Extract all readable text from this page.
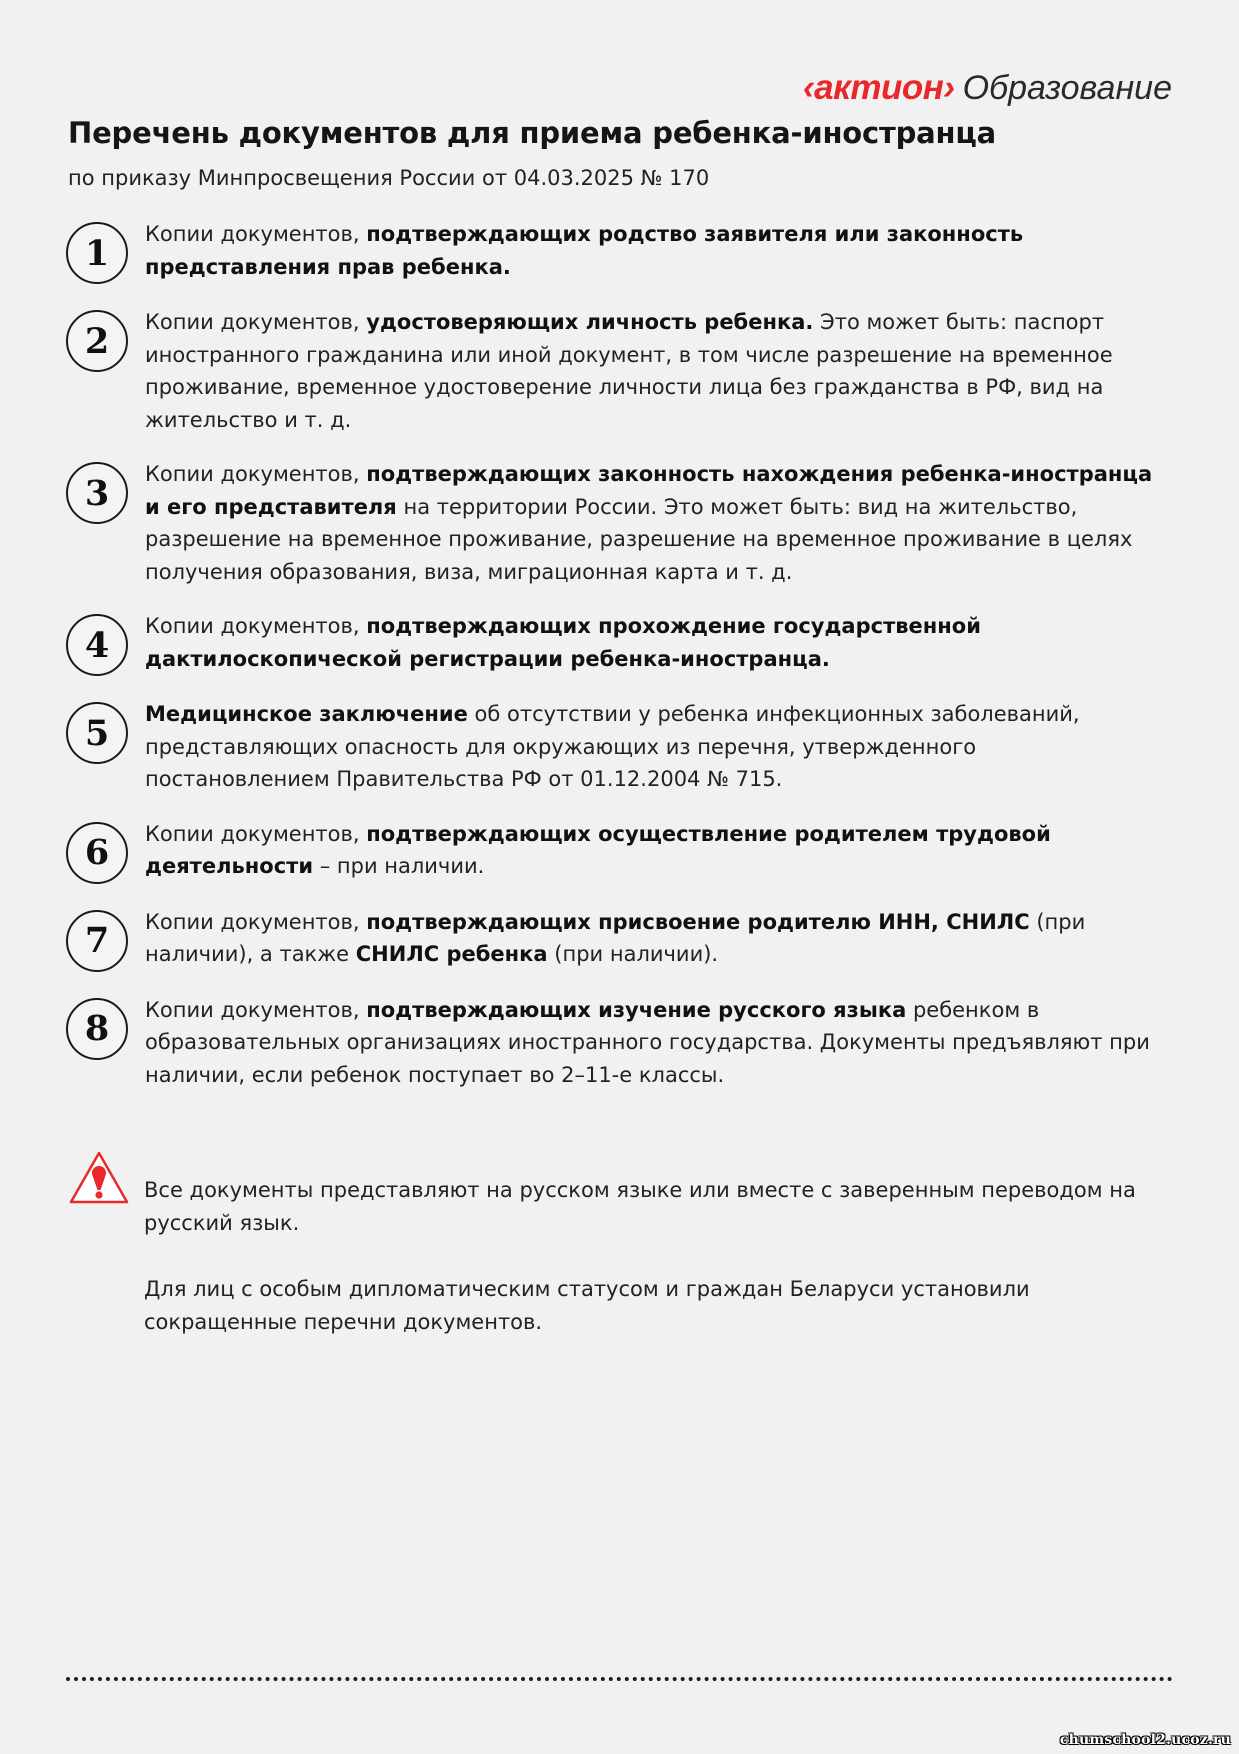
‹актион› Образование
Перечень документов для приема ребенка-иностранца

по приказу Минпросвещения России от 04.03.2025 № 170

1	Копии документов, подтверждающих родство заявителя или законность представления прав ребенка.
2	Копии документов, удостоверяющих личность ребенка. Это может быть: паспорт иностранного гражданина или иной документ, в том числе разрешение на временное проживание, временное удостоверение личности лица без гражданства в РФ, вид на жительство и т. д.
3	Копии документов, подтверждающих законность нахождения ребенка-иностранца и его представителя на территории России. Это может быть: вид на жительство, разрешение на временное проживание, разрешение на временное проживание в целях получения образования, виза, миграционная карта и т. д.
4	Копии документов, подтверждающих прохождение государственной дактилоскопической регистрации ребенка-иностранца.
5	Медицинское заключение об отсутствии у ребенка инфекционных заболеваний, представляющих опасность для окружающих из перечня, утвержденного постановлением Правительства РФ от 01.12.2004 № 715.
6	Копии документов, подтверждающих осуществление родителем трудовой деятельности – при наличии.
7	Копии документов, подтверждающих присвоение родителю ИНН, СНИЛС (при наличии), а также СНИЛС ребенка (при наличии).
8	Копии документов, подтверждающих изучение русского языка ребенком в образовательных организациях иностранного государства. Документы предъявляют при наличии, если ребенок поступает во 2–11-е классы.

Все документы представляют на русском языке или вместе с заверенным переводом на русский язык.

Для лиц с особым дипломатическим статусом и граждан Беларуси установили сокращенные перечни документов.

chumschool2.ucoz.ru
